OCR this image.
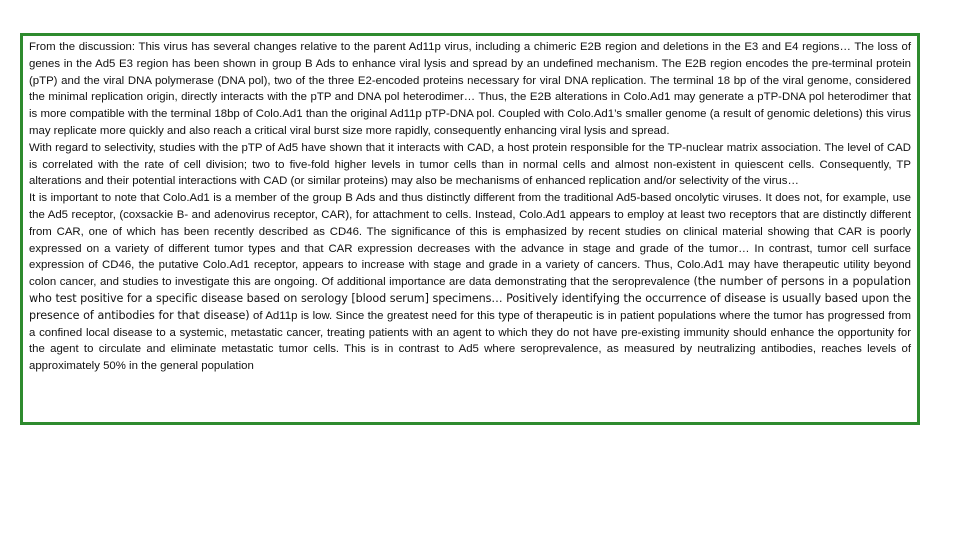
From the discussion: This virus has several changes relative to the parent Ad11p virus, including a chimeric E2B region and deletions in the E3 and E4 regions… The loss of genes in the Ad5 E3 region has been shown in group B Ads to enhance viral lysis and spread by an undefined mechanism. The E2B region encodes the pre-terminal protein (pTP) and the viral DNA polymerase (DNA pol), two of the three E2-encoded proteins necessary for viral DNA replication. The terminal 18 bp of the viral genome, considered the minimal replication origin, directly interacts with the pTP and DNA pol heterodimer… Thus, the E2B alterations in Colo.Ad1 may generate a pTP-DNA pol heterodimer that is more compatible with the terminal 18bp of Colo.Ad1 than the original Ad11p pTP-DNA pol. Coupled with Colo.Ad1’s smaller genome (a result of genomic deletions) this virus may replicate more quickly and also reach a critical viral burst size more rapidly, consequently enhancing viral lysis and spread.

With regard to selectivity, studies with the pTP of Ad5 have shown that it interacts with CAD, a host protein responsible for the TP-nuclear matrix association. The level of CAD is correlated with the rate of cell division; two to five-fold higher levels in tumor cells than in normal cells and almost non-existent in quiescent cells. Consequently, TP alterations and their potential interactions with CAD (or similar proteins) may also be mechanisms of enhanced replication and/or selectivity of the virus…

It is important to note that Colo.Ad1 is a member of the group B Ads and thus distinctly different from the traditional Ad5-based oncolytic viruses. It does not, for example, use the Ad5 receptor, (coxsackie B- and adenovirus receptor, CAR), for attachment to cells. Instead, Colo.Ad1 appears to employ at least two receptors that are distinctly different from CAR, one of which has been recently described as CD46. The significance of this is emphasized by recent studies on clinical material showing that CAR is poorly expressed on a variety of different tumor types and that CAR expression decreases with the advance in stage and grade of the tumor… In contrast, tumor cell surface expression of CD46, the putative Colo.Ad1 receptor, appears to increase with stage and grade in a variety of cancers. Thus, Colo.Ad1 may have therapeutic utility beyond colon cancer, and studies to investigate this are ongoing. Of additional importance are data demonstrating that the seroprevalence (the number of persons in a population who test positive for a specific disease based on serology [blood serum] specimens… Positively identifying the occurrence of disease is usually based upon the presence of antibodies for that disease) of Ad11p is low. Since the greatest need for this type of therapeutic is in patient populations where the tumor has progressed from a confined local disease to a systemic, metastatic cancer, treating patients with an agent to which they do not have pre-existing immunity should enhance the opportunity for the agent to circulate and eliminate metastatic tumor cells. This is in contrast to Ad5 where seroprevalence, as measured by neutralizing antibodies, reaches levels of approximately 50% in the general population
